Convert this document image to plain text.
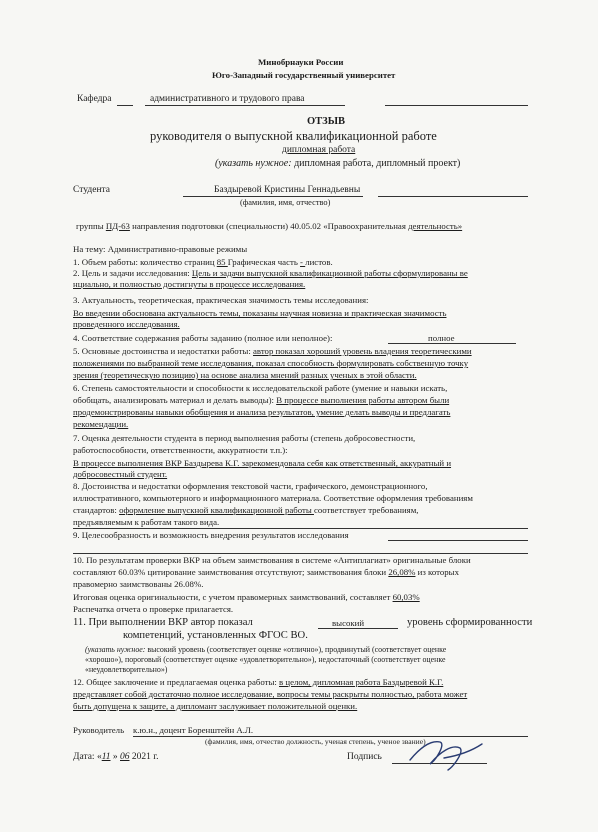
Минобрнауки России
Юго-Западный государственный университет
Кафедра	административного и трудового права
ОТЗЫВ
руководителя о выпускной квалификационной работе
дипломная работа
(указать нужное: дипломная работа, дипломный проект)
Студента	Баздыревой Кристины Геннадьевны
(фамилия, имя, отчество)
группы ПД-63 направления подготовки (специальности) 40.05.02 «Правоохранительная деятельность»
На тему: Административно-правовые режимы
1. Объем работы: количество страниц 85 Графическая часть - листов.
2. Цель и задачи исследования: Цель и задачи выпускной квалификационной работы сформулированы ве
нциально, и полностью достигнуты в процессе исследования.
3. Актуальность, теоретическая, практическая значимость темы исследования:
Во введении обоснована актуальность темы, показаны научная новизна и практическая значимость
проведенного исследования.
4. Соответствие содержания работы заданию (полное или неполное):	полное
5. Основные достоинства и недостатки работы: автор показал хороший уровень владения теоретическими
положениями по выбранной теме исследования, показал способность формулировать собственную точку
зрения (теоретическую позицию) на основе анализа мнений разных ученых в этой области.
6. Степень самостоятельности и способности к исследовательской работе (умение и навыки искать,
обобщать, анализировать материал и делать выводы): В процессе выполнения работы автором были
продемонстрированы навыки обобщения и анализа результатов, умение делать выводы и предлагать
рекомендации.
7. Оценка деятельности студента в период выполнения работы (степень добросовестности,
работоспособности, ответственности, аккуратности т.п.):
В процессе выполнения ВКР Баздырева К.Г. зарекомендовала себя как ответственный, аккуратный и
добросовестный студент.
8. Достоинства и недостатки оформления текстовой части, графического, демонстрационного,
иллюстративного, компьютерного и информационного материала. Соответствие оформления требованиям
стандартов: оформление выпускной квалификационной работы соответствует требованиям,
предъявляемым к работам такого вида.
9. Целесообразность и возможность внедрения результатов исследования
10. По результатам проверки ВКР на объем заимствования в системе «Антиплагиат» оригинальные блоки
составляют 60.03% цитирование заимствования отсутствуют; заимствования блоки 26,08% из которых
правомерно заимствованы 26.08%.
Итоговая оценка оригинальности, с учетом правомерных заимствований, составляет 60,03%
Распечатка отчета о проверке прилагается.
11. При выполнении ВКР автор показал	высокий	уровень сформированности
компетенций, установленных ФГОС ВО.
(указать нужное: высокий уровень (соответствует оценке «отлично»), продвинутый (соответствует оценке
«хорошо»), пороговый (соответствует оценке «удовлетворительно»), недостаточный (соответствует оценке
«неудовлетворительно»)
12. Общее заключение и предлагаемая оценка работы: в целом, дипломная работа Баздыревой К.Г.
представляет собой достаточно полное исследование, вопросы темы раскрыты полностью, работа может
быть допущена к защите, а дипломант заслуживает положительной оценки.
Руководитель к.ю.н., доцент Боренштейн А.Л.
(фамилия, имя, отчество должность, ученая степень, ученое звание)
Дата: «11 » 06 2021 г.	Подпись
